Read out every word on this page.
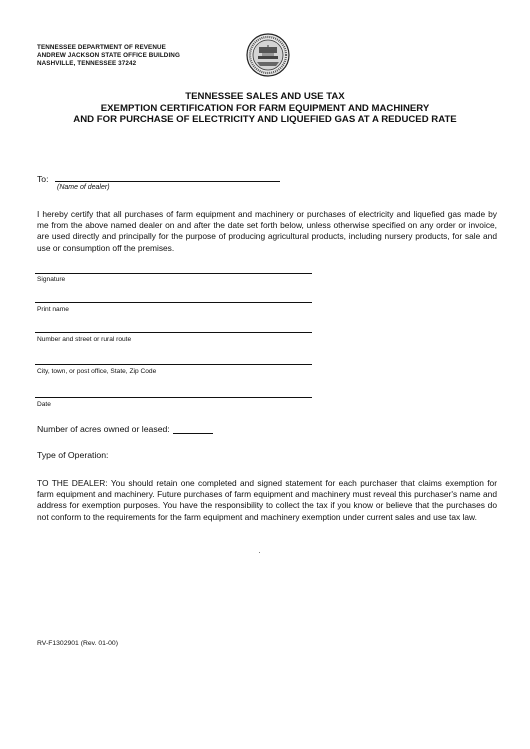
TENNESSEE DEPARTMENT OF REVENUE
ANDREW JACKSON STATE OFFICE BUILDING
NASHVILLE, TENNESSEE 37242
TENNESSEE SALES AND USE TAX
EXEMPTION CERTIFICATION FOR FARM EQUIPMENT AND MACHINERY
AND FOR PURCHASE OF ELECTRICITY AND LIQUEFIED GAS AT A REDUCED RATE
To:
(Name of dealer)
I hereby certify that all purchases of farm equipment and machinery or purchases of electricity and liquefied gas made by me from the above named dealer on and after the date set forth below, unless otherwise specified on any order or invoice, are used directly and principally for the purpose of producing agricultural products, including nursery products, for sale and use or consumption off the premises.
Signature
Print name
Number and street or rural route
City, town, or post office, State, Zip Code
Date
Number of acres owned or leased:
Type of Operation:
TO THE DEALER: You should retain one completed and signed statement for each purchaser that claims exemption for farm equipment and machinery. Future purchases of farm equipment and machinery must reveal this purchaser's name and address for exemption purposes. You have the responsibility to collect the tax if you know or believe that the purchases do not conform to the requirements for the farm equipment and machinery exemption under current sales and use tax law.
RV-F1302901 (Rev. 01-00)
